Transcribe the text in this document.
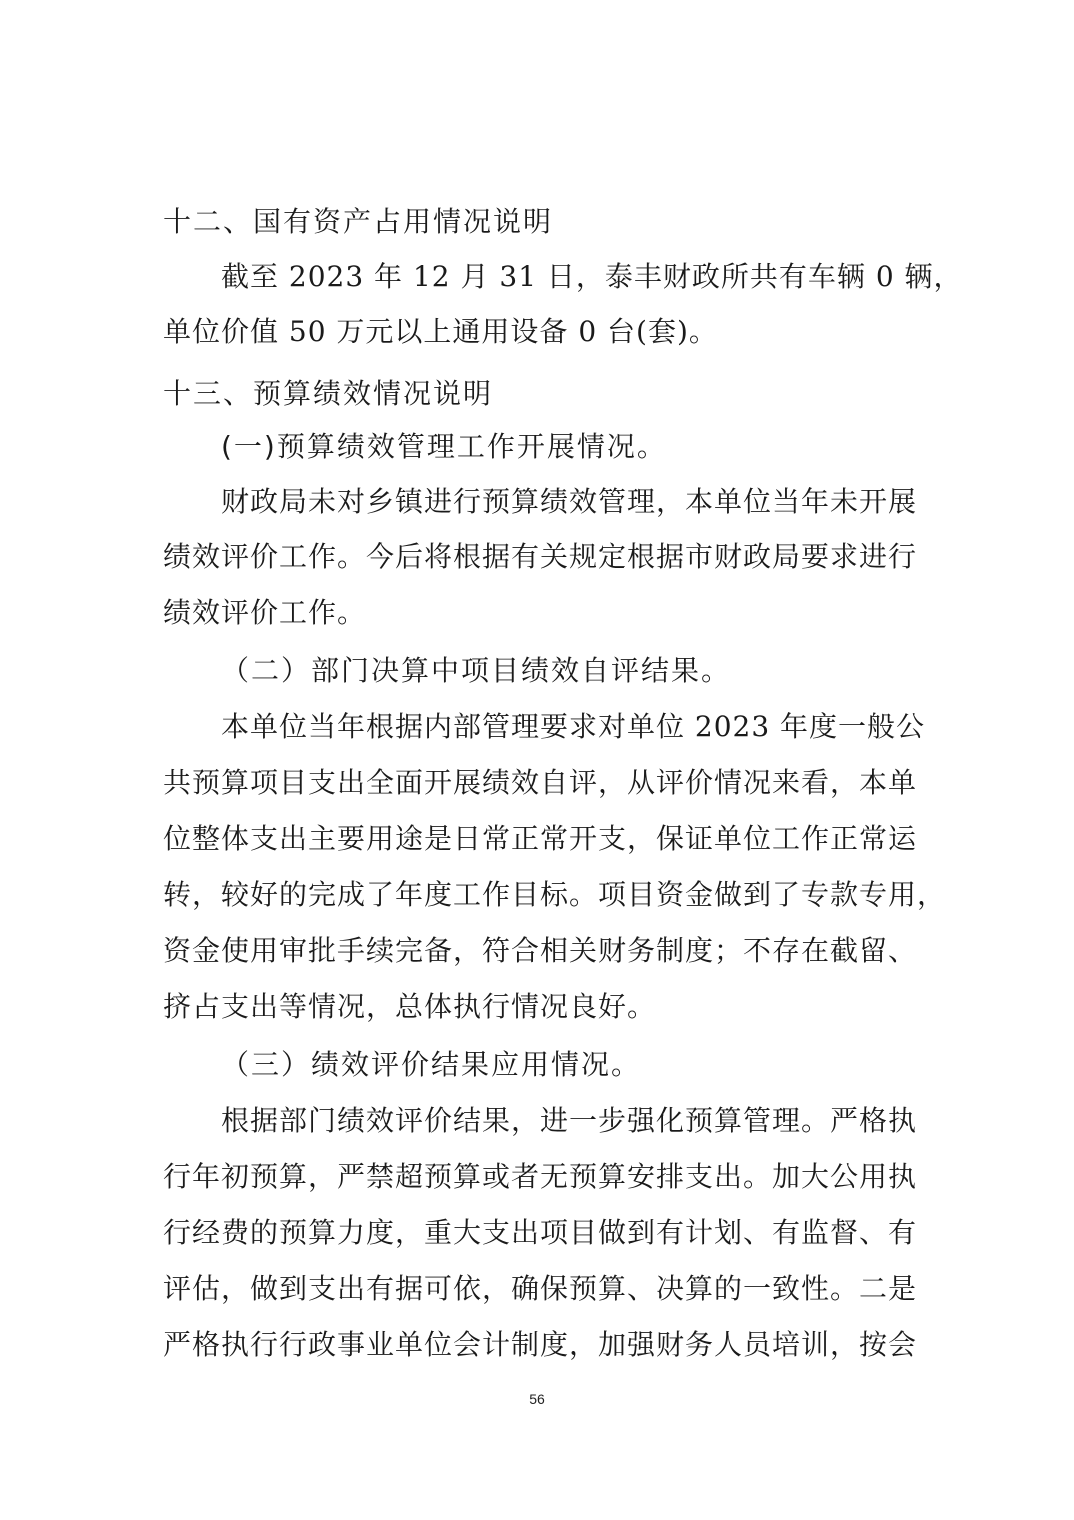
十二、国有资产占用情况说明
截至 2023 年 12 月 31 日，泰丰财政所共有车辆 0 辆，
单位价值 50 万元以上通用设备 0 台(套)。
十三、预算绩效情况说明
(一)预算绩效管理工作开展情况。
财政局未对乡镇进行预算绩效管理，本单位当年未开展
绩效评价工作。今后将根据有关规定根据市财政局要求进行
绩效评价工作。
（二）部门决算中项目绩效自评结果。
本单位当年根据内部管理要求对单位 2023 年度一般公
共预算项目支出全面开展绩效自评，从评价情况来看，本单
位整体支出主要用途是日常正常开支，保证单位工作正常运
转，较好的完成了年度工作目标。项目资金做到了专款专用，
资金使用审批手续完备，符合相关财务制度；不存在截留、
挤占支出等情况，总体执行情况良好。
（三）绩效评价结果应用情况。
根据部门绩效评价结果，进一步强化预算管理。严格执
行年初预算，严禁超预算或者无预算安排支出。加大公用执
行经费的预算力度，重大支出项目做到有计划、有监督、有
评估，做到支出有据可依，确保预算、决算的一致性。二是
严格执行行政事业单位会计制度，加强财务人员培训，按会
56
